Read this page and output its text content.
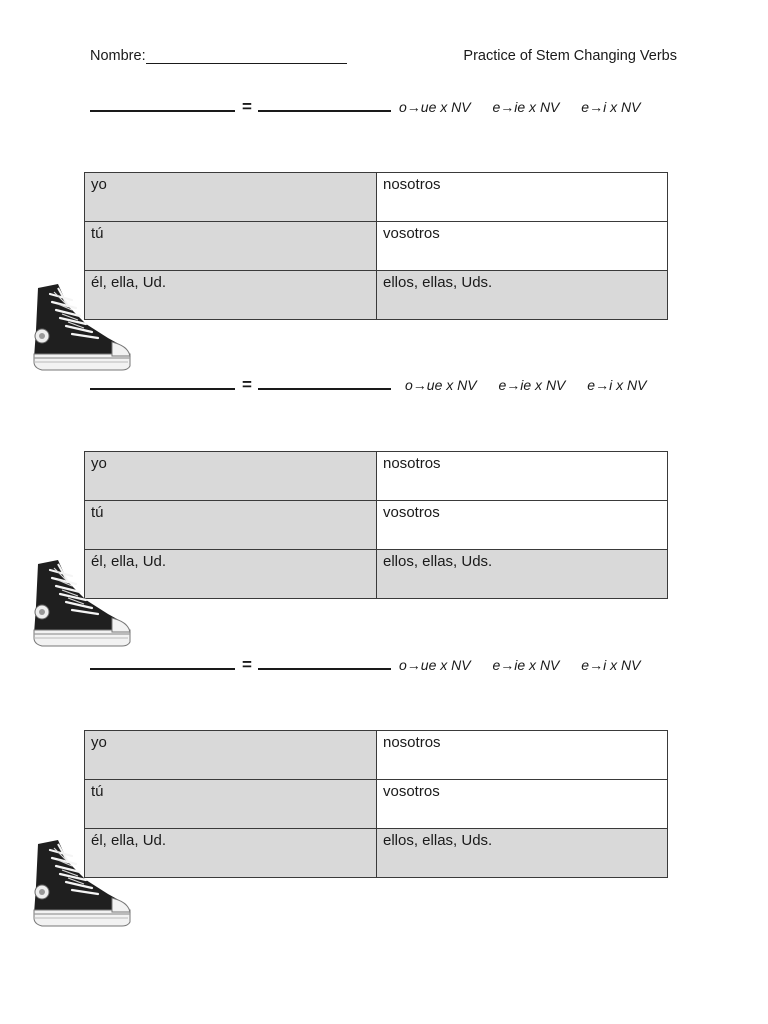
Nombre:	Practice of Stem Changing Verbs
=	o→ue x NV e→ie x NV e→i x NV
yo	nosotros
tú	vosotros
él, ella, Ud.	ellos, ellas, Uds.
=	o→ue x NV e→ie x NV e→i x NV
yo	nosotros
tú	vosotros
él, ella, Ud.	ellos, ellas, Uds.
=	o→ue x NV e→ie x NV e→i x NV
yo	nosotros
tú	vosotros
él, ella, Ud.	ellos, ellas, Uds.
